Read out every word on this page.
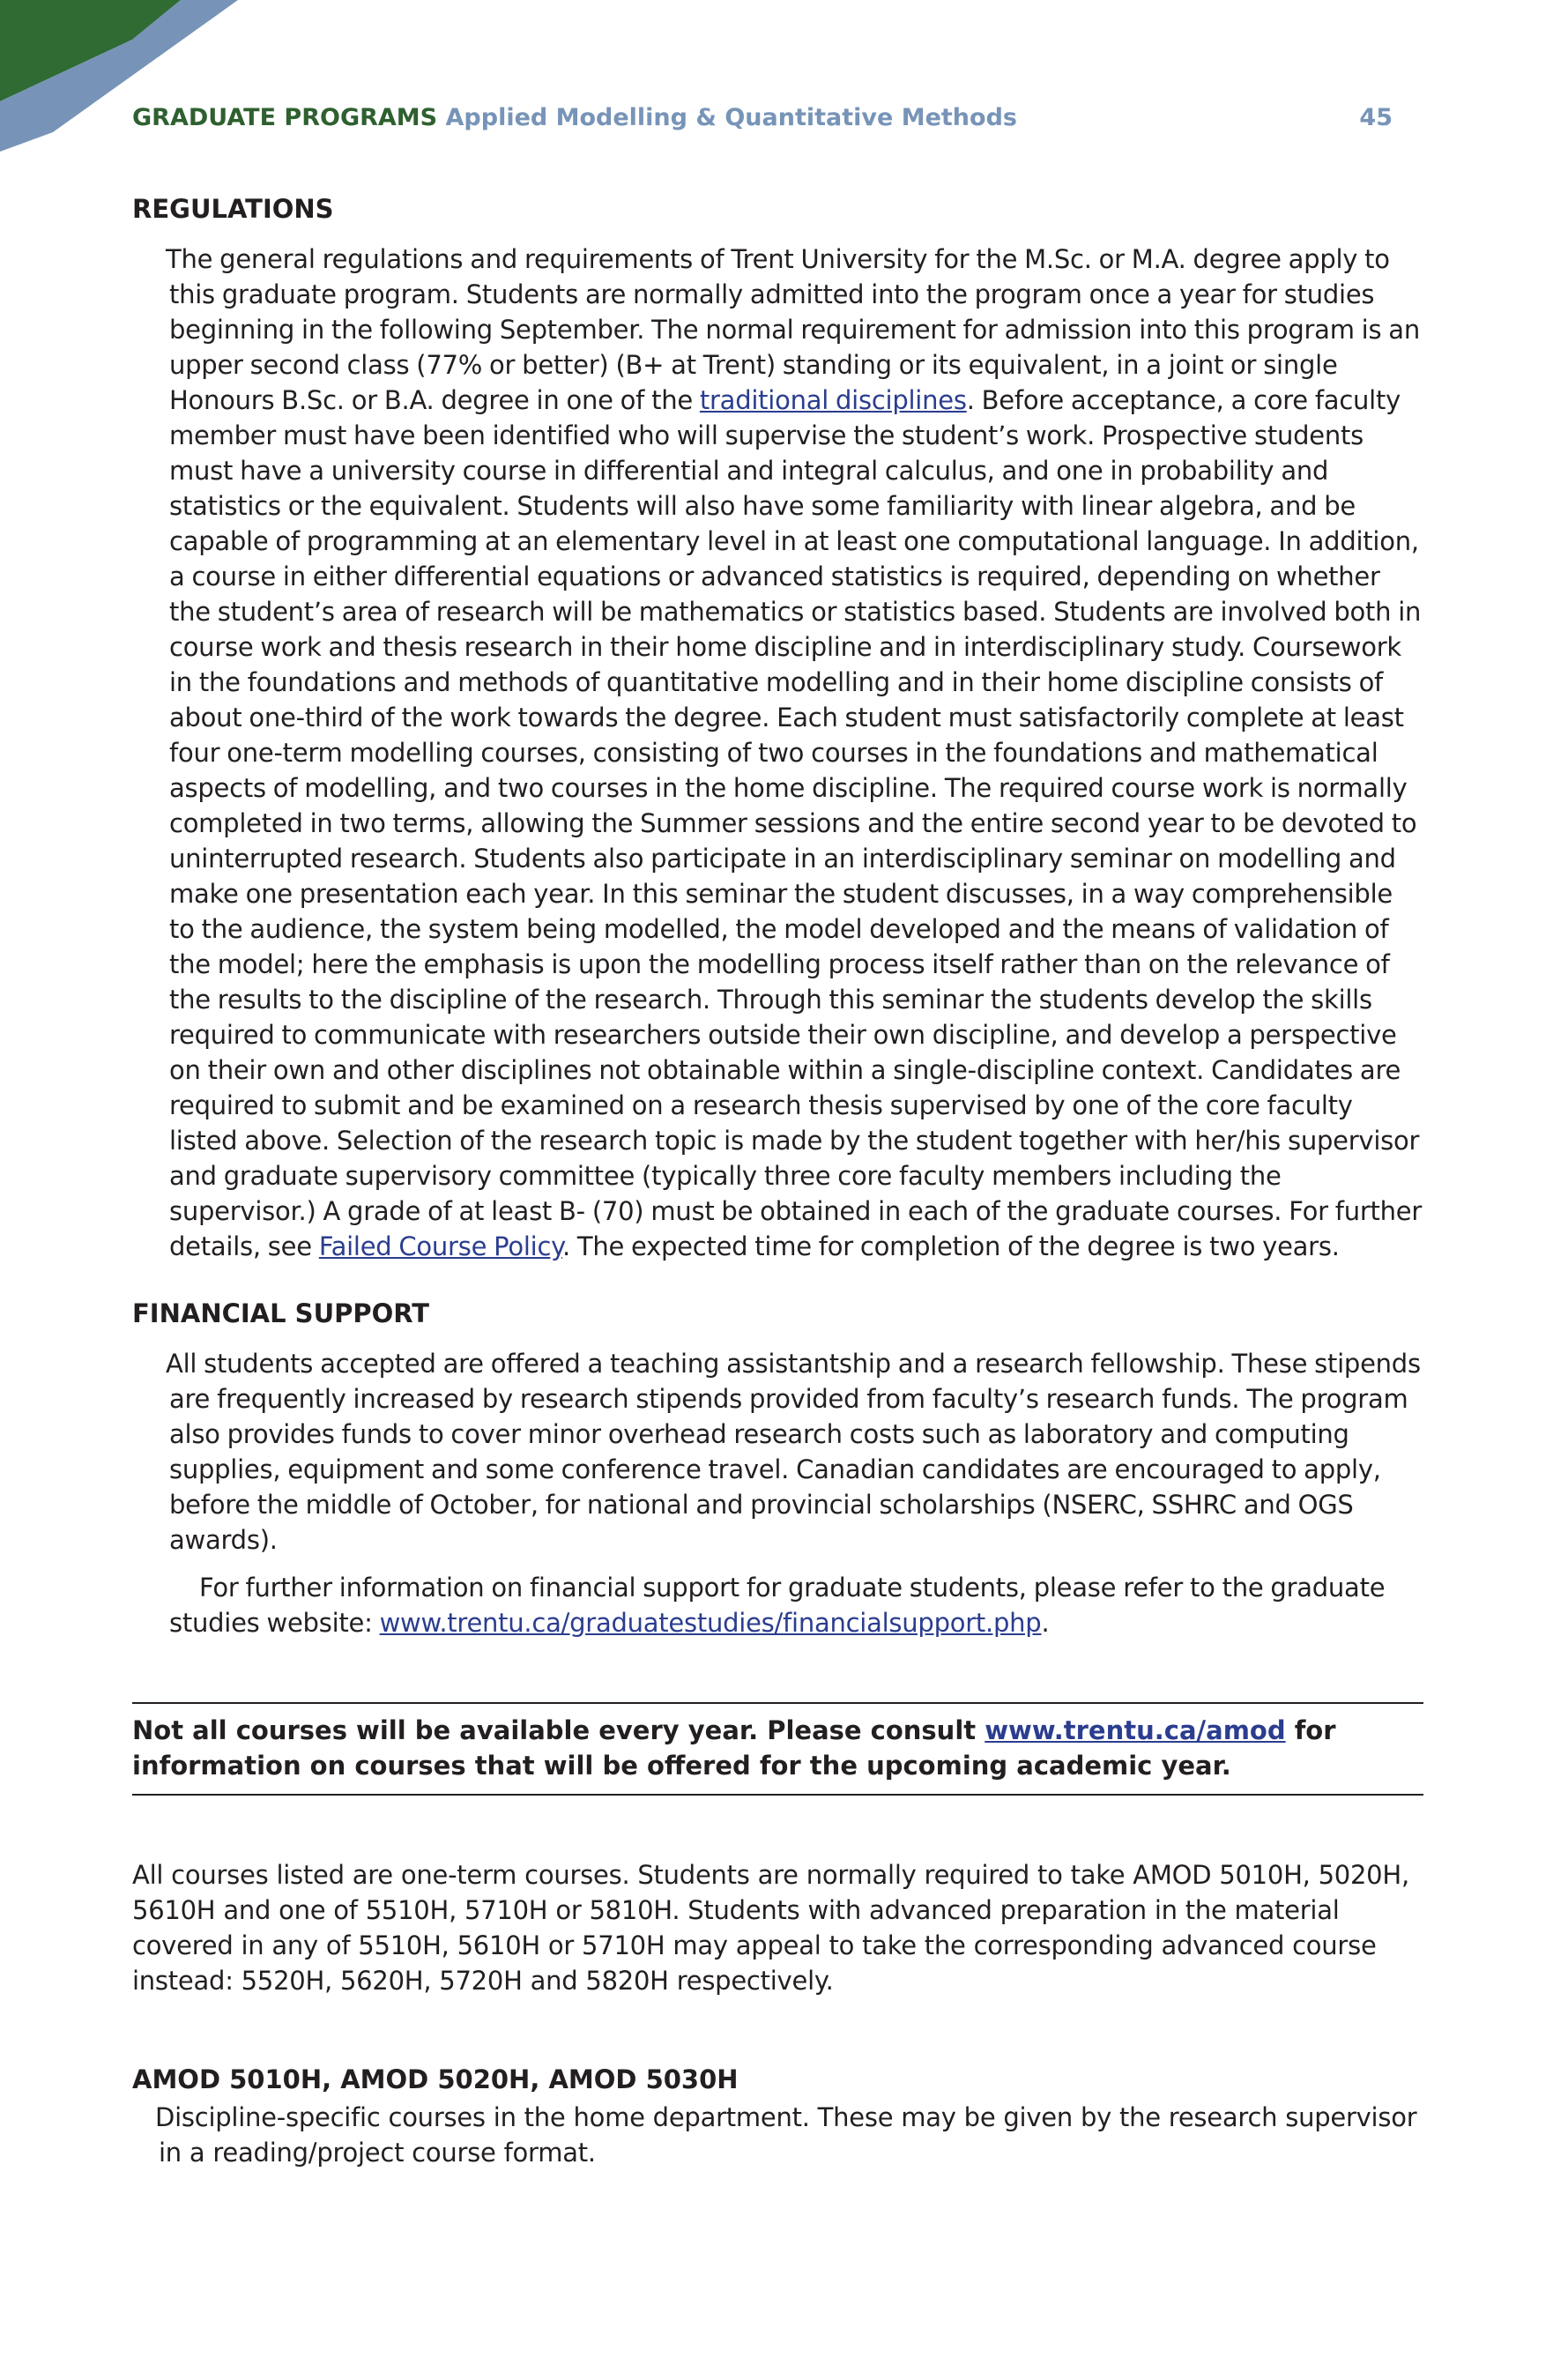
GRADUATE PROGRAMS Applied Modelling & Quantitative Methods	45
REGULATIONS

The general regulations and requirements of Trent University for the M.Sc. or M.A. degree apply to this graduate program. Students are normally admitted into the program once a year for studies beginning in the following September. The normal requirement for admission into this program is an upper second class (77% or better) (B+ at Trent) standing or its equivalent, in a joint or single Honours B.Sc. or B.A. degree in one of the traditional disciplines. Before acceptance, a core faculty member must have been identified who will supervise the student’s work. Prospective students must have a university course in differential and integral calculus, and one in probability and statistics or the equivalent. Students will also have some familiarity with linear algebra, and be capable of programming at an elementary level in at least one computational language. In addition, a course in either differential equations or advanced statistics is required, depending on whether the student’s area of research will be mathematics or statistics based. Students are involved both in course work and thesis research in their home discipline and in interdisciplinary study. Coursework in the foundations and methods of quantitative modelling and in their home discipline consists of about one-third of the work towards the degree. Each student must satisfactorily complete at least four one-term modelling courses, consisting of two courses in the foundations and mathematical aspects of modelling, and two courses in the home discipline. The required course work is normally completed in two terms, allowing the Summer sessions and the entire second year to be devoted to uninterrupted research. Students also participate in an interdisciplinary seminar on modelling and make one presentation each year. In this seminar the student discusses, in a way comprehensible to the audience, the system being modelled, the model developed and the means of validation of the model; here the emphasis is upon the modelling process itself rather than on the relevance of the results to the discipline of the research. Through this seminar the students develop the skills required to communicate with researchers outside their own discipline, and develop a perspective on their own and other disciplines not obtainable within a single-discipline context. Candidates are required to submit and be examined on a research thesis supervised by one of the core faculty listed above. Selection of the research topic is made by the student together with her/his supervisor and graduate supervisory committee (typically three core faculty members including the supervisor.) A grade of at least B- (70) must be obtained in each of the graduate courses. For further details, see Failed Course Policy. The expected time for completion of the degree is two years.

FINANCIAL SUPPORT

All students accepted are offered a teaching assistantship and a research fellowship. These stipends are frequently increased by research stipends provided from faculty’s research funds. The program also provides funds to cover minor overhead research costs such as laboratory and computing supplies, equipment and some conference travel. Canadian candidates are encouraged to apply, before the middle of October, for national and provincial scholarships (NSERC, SSHRC and OGS awards).

For further information on financial support for graduate students, please refer to the graduate studies website: www.trentu.ca/graduatestudies/financialsupport.php.

Not all courses will be available every year. Please consult www.trentu.ca/amod for information on courses that will be offered for the upcoming academic year.

All courses listed are one-term courses. Students are normally required to take AMOD 5010H, 5020H, 5610H and one of 5510H, 5710H or 5810H. Students with advanced preparation in the material covered in any of 5510H, 5610H or 5710H may appeal to take the corresponding advanced course instead: 5520H, 5620H, 5720H and 5820H respectively.

AMOD 5010H, AMOD 5020H, AMOD 5030H

Discipline-specific courses in the home department. These may be given by the research supervisor in a reading/project course format.
